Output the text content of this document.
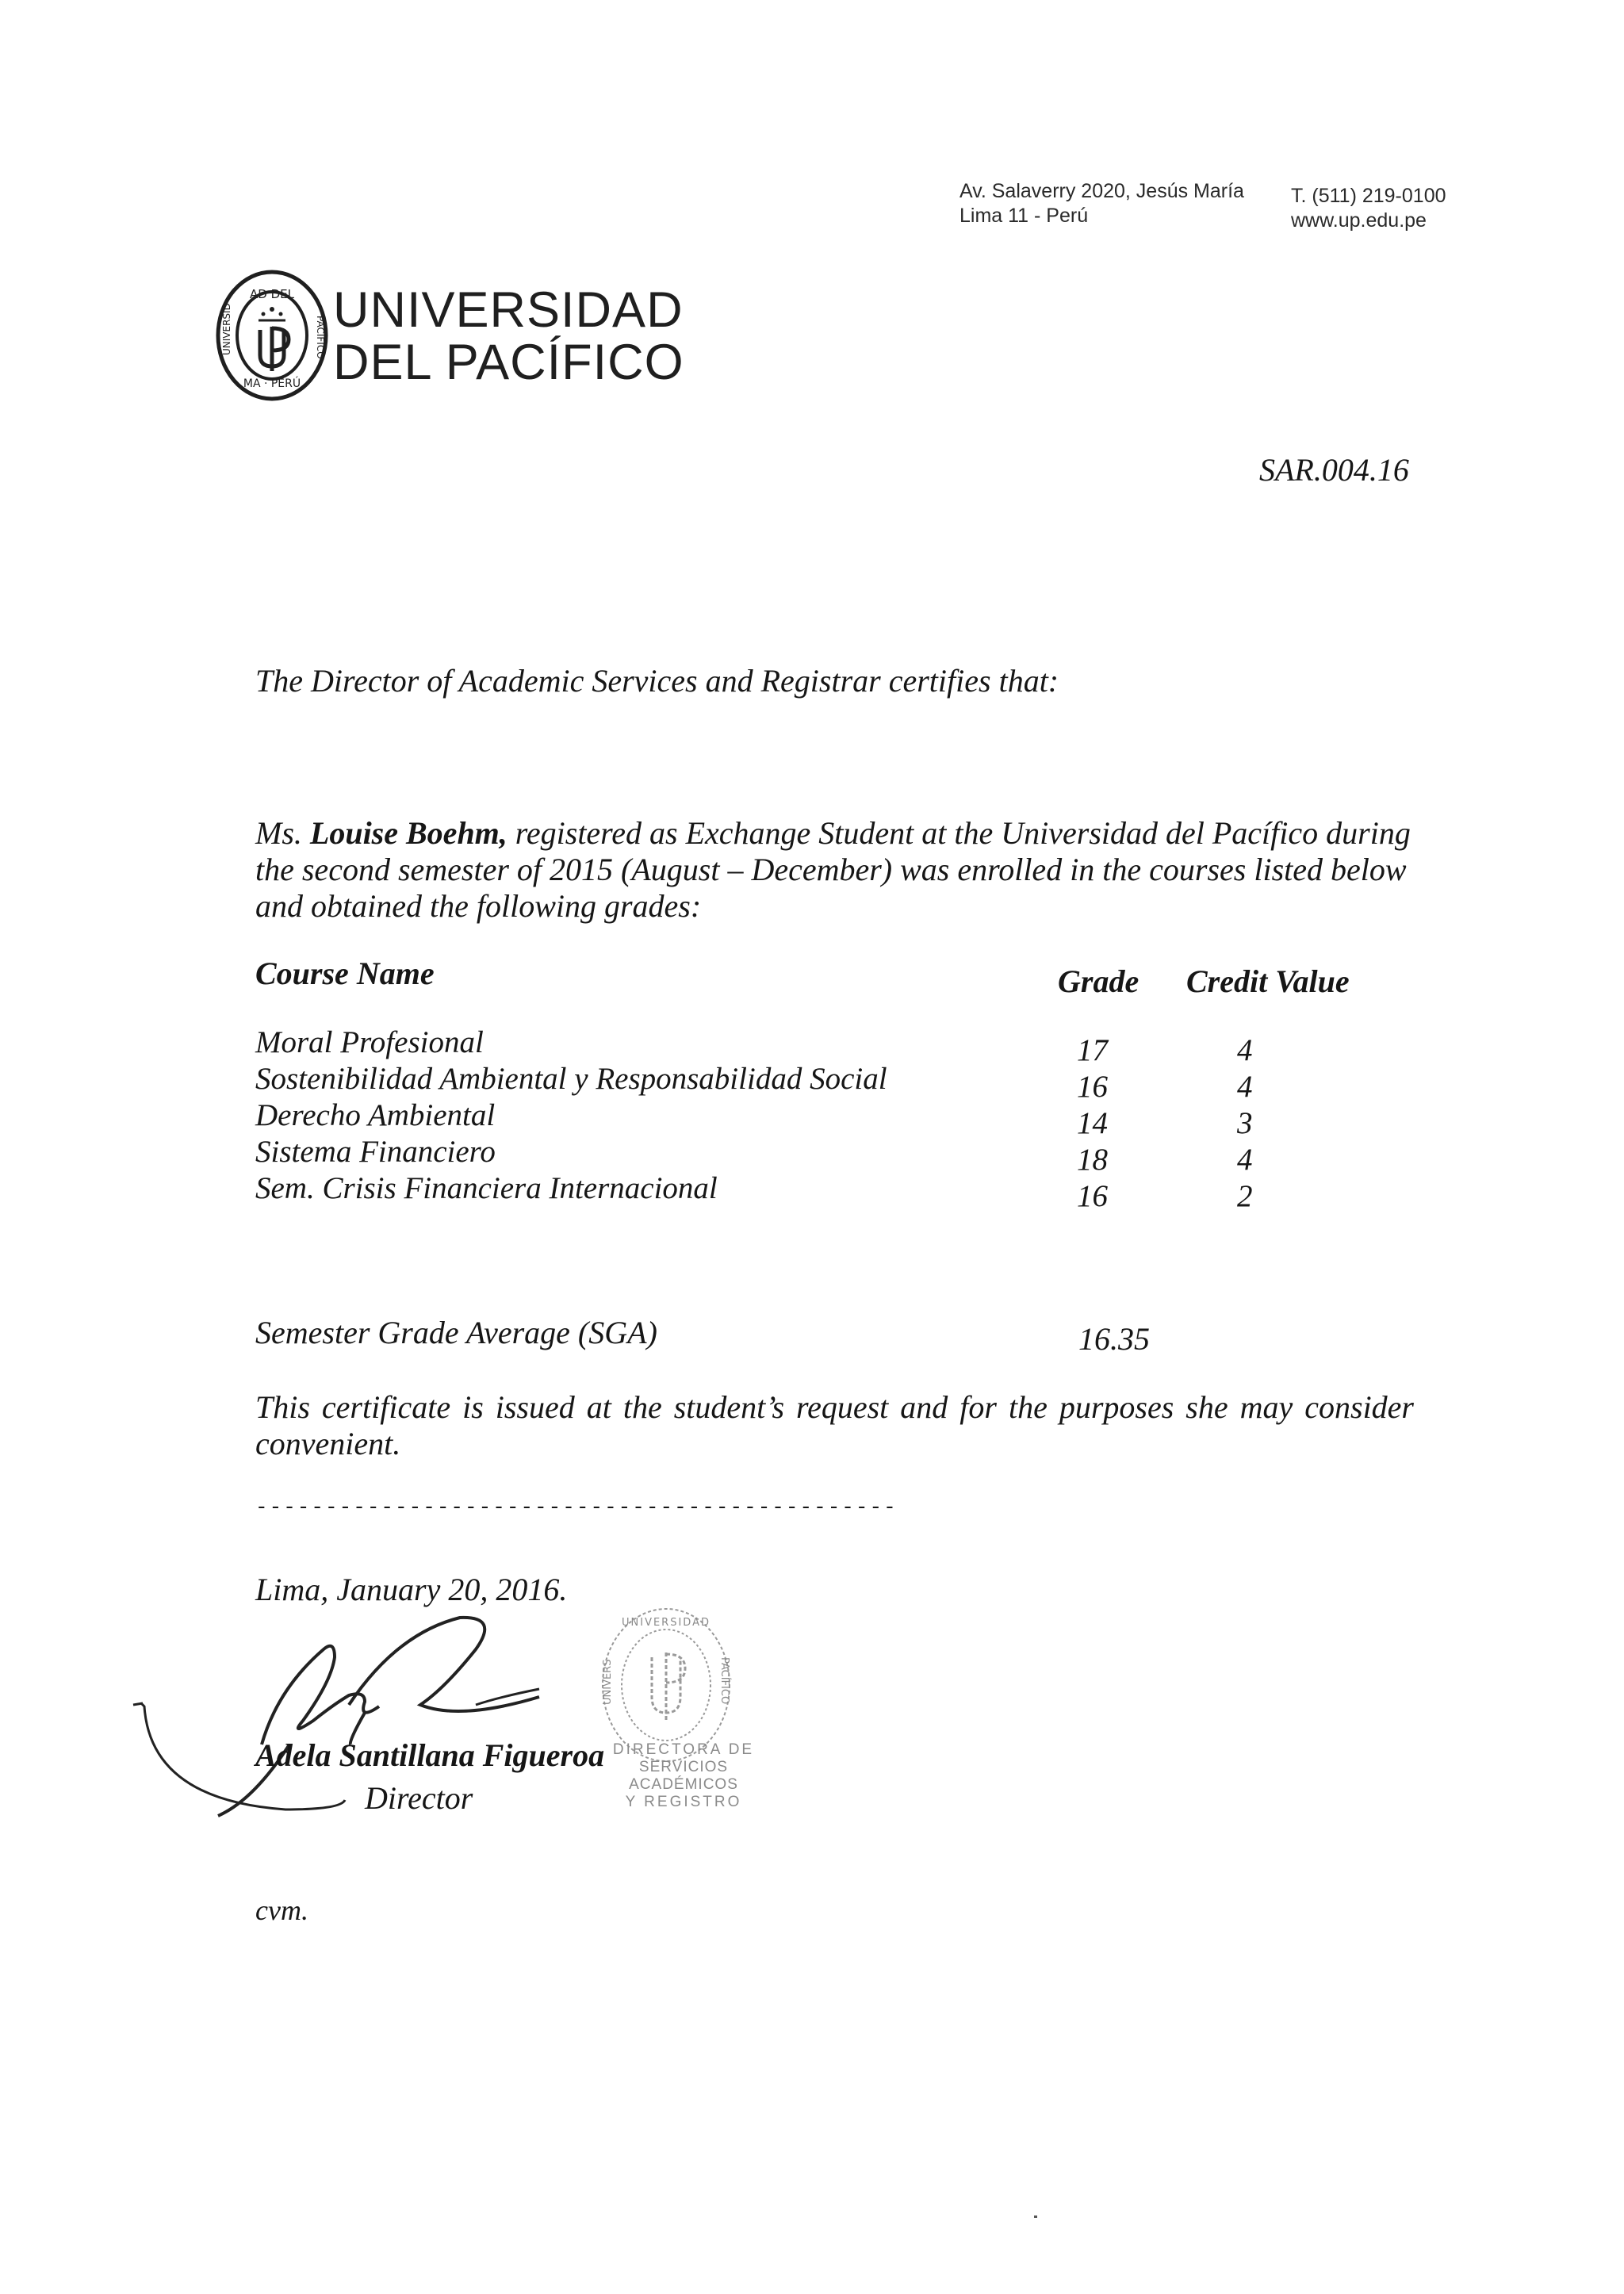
Av. Salaverry 2020, Jesús María
Lima 11 - Perú
T. (511) 219-0100
www.up.edu.pe
AD DEL
MA · PERÚ
UNIVERSID	PACÍFICO UNIVERSIDAD
DEL PACÍFICO
SAR.004.16
The Director of Academic Services and Registrar certifies that:
Ms. Louise Boehm, registered as Exchange Student at the Universidad del Pacífico during
the second semester of 2015 (August – December) was enrolled in the courses listed below
and obtained the following grades:
Course Name	Grade Credit Value
Moral Profesional	17	4
Sostenibilidad Ambiental y Responsabilidad Social	16	4
Derecho Ambiental	14	3
Sistema Financiero	18	4
Sem. Crisis Financiera Internacional	16	2
Semester Grade Average (SGA)	16.35
This certificate is issued at the student’s request and for the purposes she may consider
convenient.
----------------------------------------------
Lima, January 20, 2016.
Adela Santillana Figueroa
Director
UNIVERSIDAD
UNIVERS	PACÍFICO
DIRECTORA DE
SERVICIOS ACADÉMICOS
Y REGISTRO
cvm.
